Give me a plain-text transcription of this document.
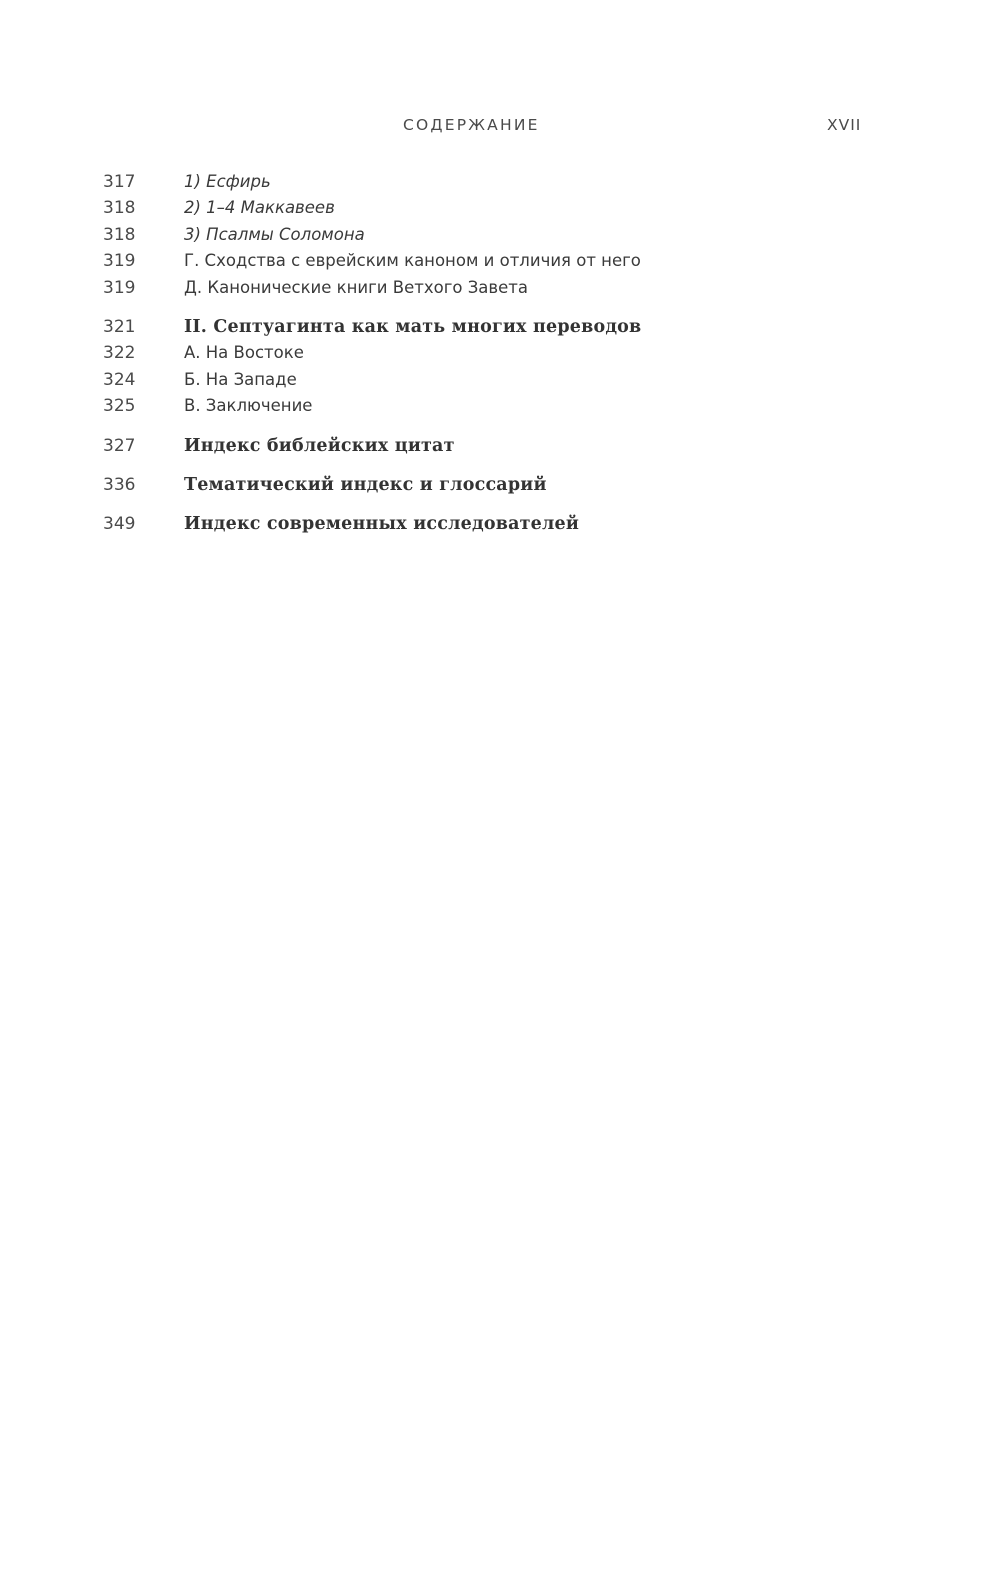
СОДЕРЖАНИЕ	XVII
317	1) Есфирь
318	2) 1–4 Маккавеев
318	3) Псалмы Соломона
319	Г. Сходства с еврейским каноном и отличия от него
319	Д. Канонические книги Ветхого Завета
321	II. Септуагинта как мать многих переводов
322	А. На Востоке
324	Б. На Западе
325	В. Заключение
327	Индекс библейских цитат
336	Тематический индекс и глоссарий
349	Индекс современных исследователей
